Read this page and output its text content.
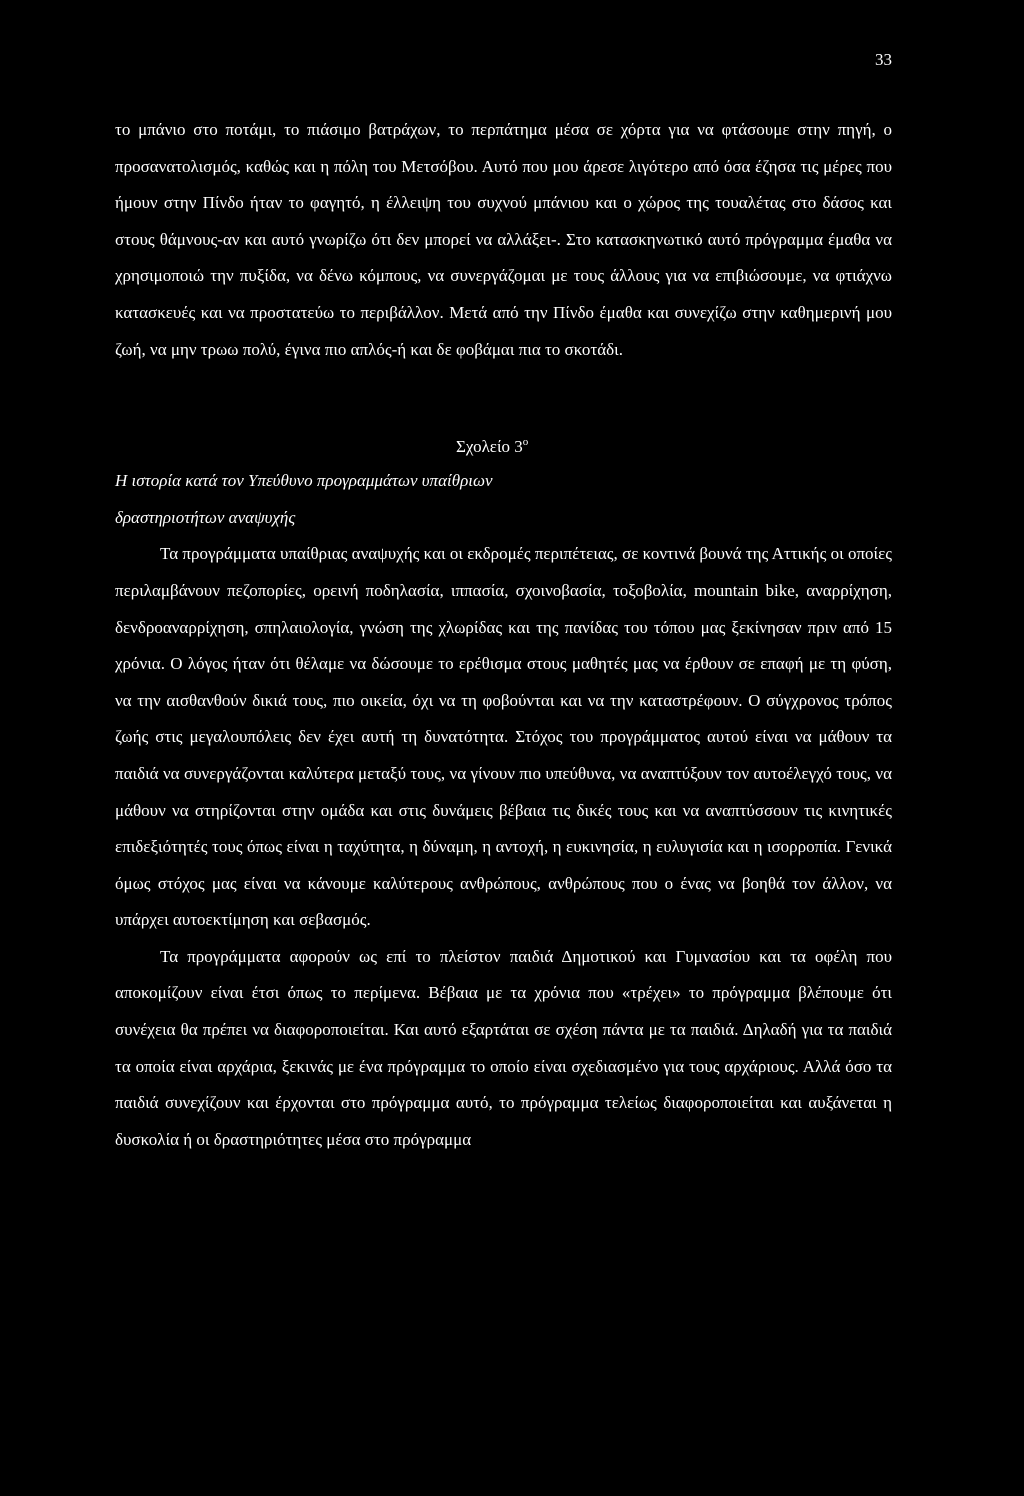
33

το μπάνιο στο ποτάμι, το πιάσιμο βατράχων, το περπάτημα μέσα σε χόρτα για να φτάσουμε στην πηγή, ο προσανατολισμός, καθώς και η πόλη του Μετσόβου. Αυτό που μου άρεσε λιγότερο από όσα έζησα τις μέρες που ήμουν στην Πίνδο ήταν το φαγητό, η έλλειψη του συχνού μπάνιου και ο χώρος της τουαλέτας στο δάσος και στους θάμνους-αν και αυτό γνωρίζω ότι δεν μπορεί να αλλάξει-. Στο κατασκηνωτικό αυτό πρόγραμμα έμαθα να χρησιμοποιώ την πυξίδα, να δένω κόμπους, να συνεργάζομαι με τους άλλους για να επιβιώσουμε, να φτιάχνω κατασκευές και να προστατεύω το περιβάλλον. Μετά από την Πίνδο έμαθα και συνεχίζω στην καθημερινή μου ζωή, να μην τρωω πολύ, έγινα πιο απλός-ή και δε φοβάμαι πια το σκοτάδι.

Σχολείο $3^o$
Η ιστορία κατά τον Υπεύθυνο προγραμμάτων υπαίθριων δραστηριοτήτων αναψυχής

Τα προγράμματα υπαίθριας αναψυχής και οι εκδρομές περιπέτειας, σε κοντινά βουνά της Αττικής οι οποίες περιλαμβάνουν πεζοπορίες, ορεινή ποδηλασία, ιππασία, σχοινοβασία, τοξοβολία, mountain bike, αναρρίχηση, δενδροαναρρίχηση, σπηλαιολογία, γνώση της χλωρίδας και της πανίδας του τόπου μας ξεκίνησαν πριν από 15 χρόνια. Ο λόγος ήταν ότι θέλαμε να δώσουμε το ερέθισμα στους μαθητές μας να έρθουν σε επαφή με τη φύση, να την αισθανθούν δικιά τους, πιο οικεία, όχι να τη φοβούνται και να την καταστρέφουν. Ο σύγχρονος τρόπος ζωής στις μεγαλουπόλεις δεν έχει αυτή τη δυνατότητα. Στόχος του προγράμματος αυτού είναι να μάθουν τα παιδιά να συνεργάζονται καλύτερα μεταξύ τους, να γίνουν πιο υπεύθυνα, να αναπτύξουν τον αυτοέλεγχό τους, να μάθουν να στηρίζονται στην ομάδα και στις δυνάμεις βέβαια τις δικές τους και να αναπτύσσουν τις κινητικές επιδεξιότητές τους όπως είναι η ταχύτητα, η δύναμη, η αντοχή, η ευκινησία, η ευλυγισία και η ισορροπία. Γενικά όμως στόχος μας είναι να κάνουμε καλύτερους ανθρώπους, ανθρώπους που ο ένας να βοηθά τον άλλον, να υπάρχει αυτοεκτίμηση και σεβασμός.

Τα προγράμματα αφορούν ως επί το πλείστον παιδιά Δημοτικού και Γυμνασίου και τα οφέλη που αποκομίζουν είναι έτσι όπως το περίμενα. Βέβαια με τα χρόνια που «τρέχει» το πρόγραμμα βλέπουμε ότι συνέχεια θα πρέπει να διαφοροποιείται. Και αυτό εξαρτάται σε σχέση πάντα με τα παιδιά. Δηλαδή για τα παιδιά τα οποία είναι αρχάρια, ξεκινάς με ένα πρόγραμμα το οποίο είναι σχεδιασμένο για τους αρχάριους. Αλλά όσο τα παιδιά συνεχίζουν και έρχονται στο πρόγραμμα αυτό, το πρόγραμμα τελείως διαφοροποιείται και αυξάνεται η δυσκολία ή οι δραστηριότητες μέσα στο πρόγραμμα
